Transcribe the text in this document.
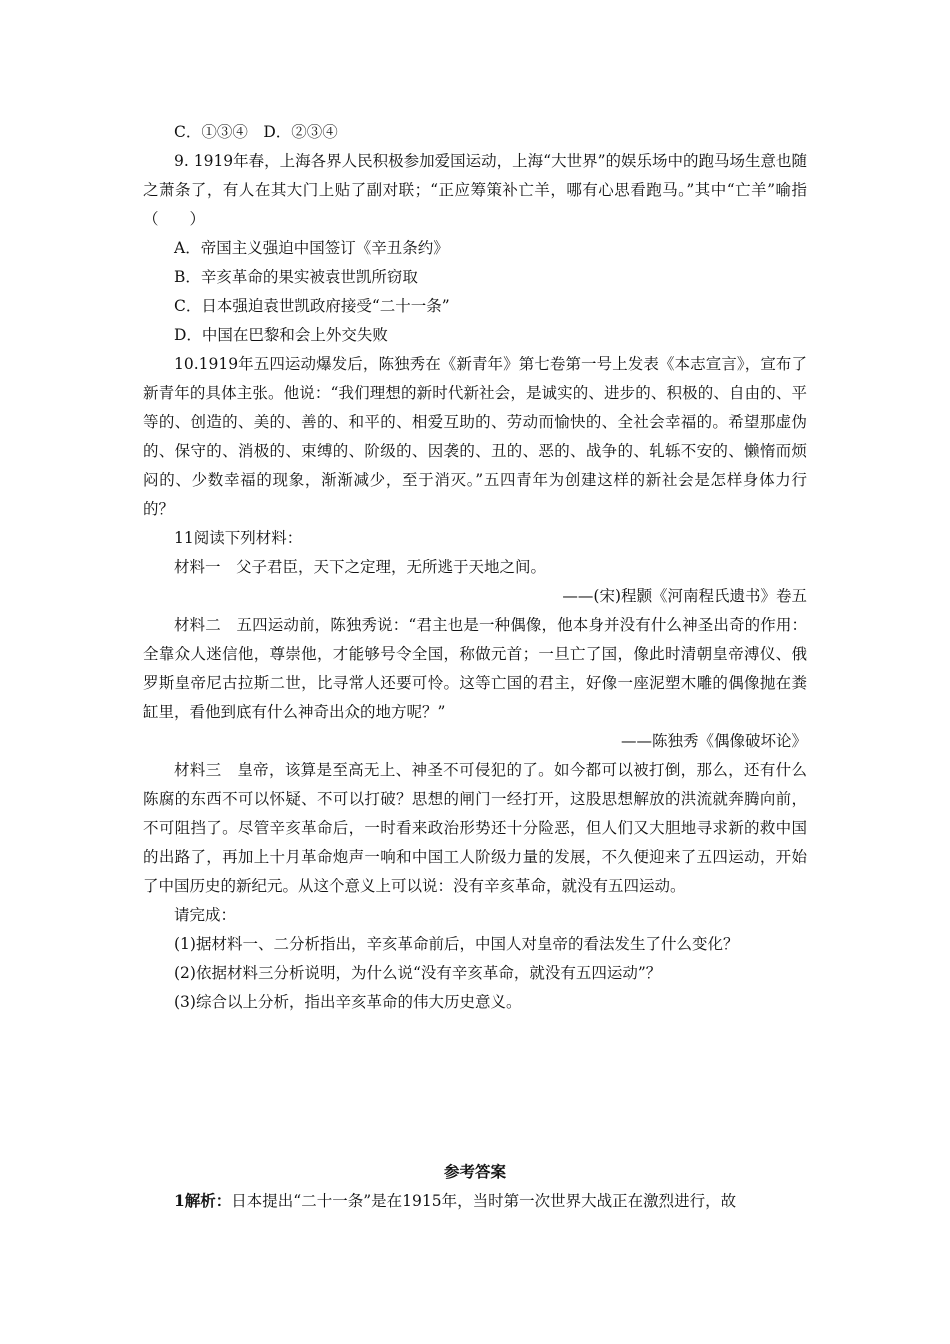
C．①③④　D．②③④

9. 1919年春，上海各界人民积极参加爱国运动，上海“大世界”的娱乐场中的跑马场生意也随之萧条了，有人在其大门上贴了副对联；“正应筹策补亡羊，哪有心思看跑马。”其中“亡羊”喻指（　　）

A．帝国主义强迫中国签订《辛丑条约》

B．辛亥革命的果实被袁世凯所窃取

C．日本强迫袁世凯政府接受“二十一条”

D．中国在巴黎和会上外交失败

10.1919年五四运动爆发后，陈独秀在《新青年》第七卷第一号上发表《本志宣言》，宣布了新青年的具体主张。他说：“我们理想的新时代新社会，是诚实的、进步的、积极的、自由的、平等的、创造的、美的、善的、和平的、相爱互助的、劳动而愉快的、全社会幸福的。希望那虚伪的、保守的、消极的、束缚的、阶级的、因袭的、丑的、恶的、战争的、轧轹不安的、懒惰而烦闷的、少数幸福的现象，渐渐减少，至于消灭。”五四青年为创建这样的新社会是怎样身体力行的？

11阅读下列材料：

材料一　父子君臣，天下之定理，无所逃于天地之间。

——(宋)程颢《河南程氏遗书》卷五

材料二　五四运动前，陈独秀说：“君主也是一种偶像，他本身并没有什么神圣出奇的作用：全靠众人迷信他，尊崇他，才能够号令全国，称做元首；一旦亡了国，像此时清朝皇帝溥仪、俄罗斯皇帝尼古拉斯二世，比寻常人还要可怜。这等亡国的君主，好像一座泥塑木雕的偶像抛在粪缸里，看他到底有什么神奇出众的地方呢？”

——陈独秀《偶像破坏论》

材料三　皇帝，该算是至高无上、神圣不可侵犯的了。如今都可以被打倒，那么，还有什么陈腐的东西不可以怀疑、不可以打破？思想的闸门一经打开，这股思想解放的洪流就奔腾向前，不可阻挡了。尽管辛亥革命后，一时看来政治形势还十分险恶，但人们又大胆地寻求新的救中国的出路了，再加上十月革命炮声一响和中国工人阶级力量的发展，不久便迎来了五四运动，开始了中国历史的新纪元。从这个意义上可以说：没有辛亥革命，就没有五四运动。

请完成：

(1)据材料一、二分析指出，辛亥革命前后，中国人对皇帝的看法发生了什么变化？

(2)依据材料三分析说明，为什么说“没有辛亥革命，就没有五四运动”？

(3)综合以上分析，指出辛亥革命的伟大历史意义。

参考答案

1解析：日本提出“二十一条”是在1915年，当时第一次世界大战正在激烈进行，故
